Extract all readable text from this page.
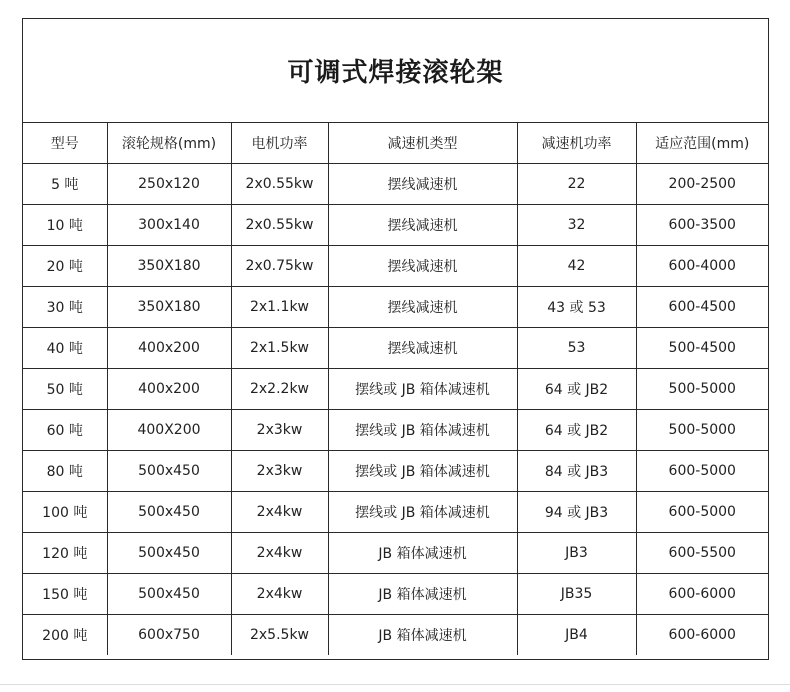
可调式焊接滚轮架
型号	滚轮规格(mm)	电机功率	减速机类型	减速机功率	适应范围(mm)
5 吨	250x120	2x0.55kw	摆线减速机	22	200-2500
10 吨	300x140	2x0.55kw	摆线减速机	32	600-3500
20 吨	350X180	2x0.75kw	摆线减速机	42	600-4000
30 吨	350X180	2x1.1kw	摆线减速机	43 或 53	600-4500
40 吨	400x200	2x1.5kw	摆线减速机	53	500-4500
50 吨	400x200	2x2.2kw	摆线或 JB 箱体减速机	64 或 JB2	500-5000
60 吨	400X200	2x3kw	摆线或 JB 箱体减速机	64 或 JB2	500-5000
80 吨	500x450	2x3kw	摆线或 JB 箱体减速机	84 或 JB3	600-5000
100 吨	500x450	2x4kw	摆线或 JB 箱体减速机	94 或 JB3	600-5000
120 吨	500x450	2x4kw	JB 箱体减速机	JB3	600-5500
150 吨	500x450	2x4kw	JB 箱体减速机	JB35	600-6000
200 吨	600x750	2x5.5kw	JB 箱体减速机	JB4	600-6000
